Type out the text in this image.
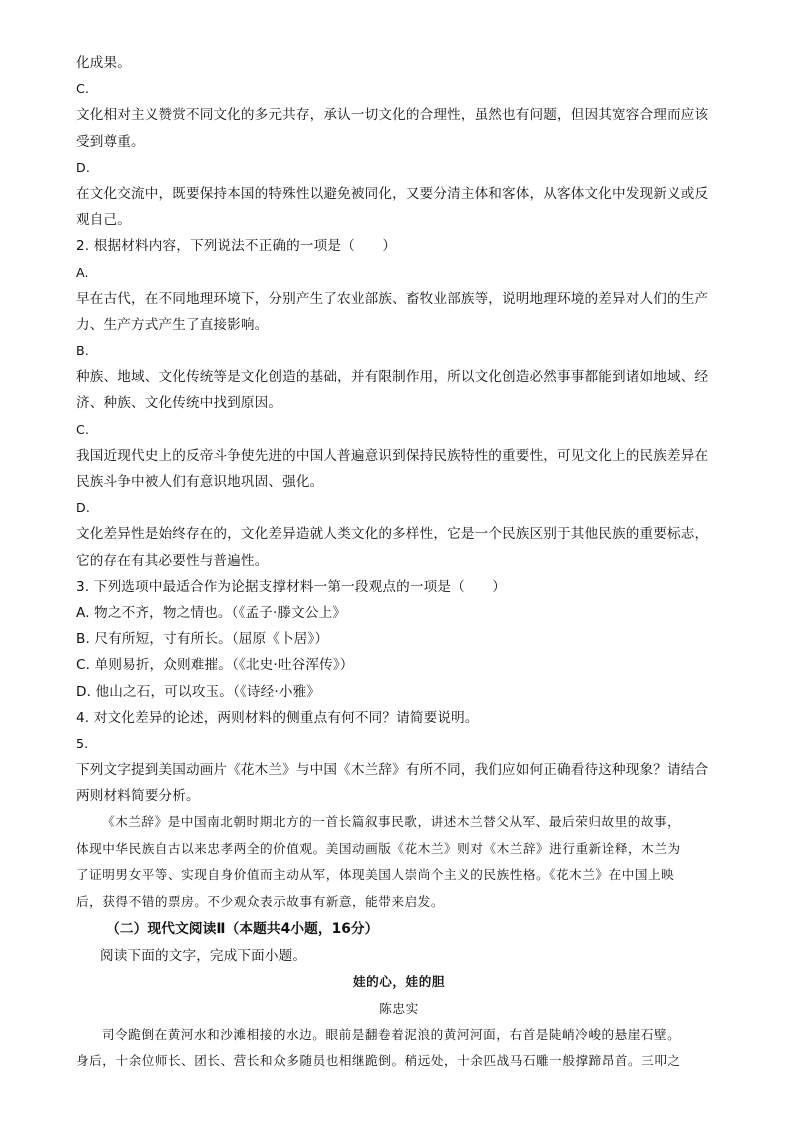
化成果。
C.
文化相对主义赞赏不同文化的多元共存，承认一切文化的合理性，虽然也有问题，但因其宽容合理而应该
受到尊重。
D.
在文化交流中，既要保持本国的特殊性以避免被同化，又要分清主体和客体，从客体文化中发现新义或反
观自己。
2. 根据材料内容，下列说法不正确的一项是（　　）
A.
早在古代，在不同地理环境下，分别产生了农业部族、畜牧业部族等，说明地理环境的差异对人们的生产
力、生产方式产生了直接影响。
B.
种族、地域、文化传统等是文化创造的基础，并有限制作用，所以文化创造必然事事都能到诸如地域、经
济、种族、文化传统中找到原因。
C.
我国近现代史上的反帝斗争使先进的中国人普遍意识到保持民族特性的重要性，可见文化上的民族差异在
民族斗争中被人们有意识地巩固、强化。
D.
文化差异性是始终存在的，文化差异造就人类文化的多样性，它是一个民族区别于其他民族的重要标志，
它的存在有其必要性与普遍性。
3. 下列选项中最适合作为论据支撑材料一第一段观点的一项是（　　）
A. 物之不齐，物之情也。（《孟子·滕文公上》
B. 尺有所短，寸有所长。（屈原《卜居》）
C. 单则易折，众则难摧。（《北史·吐谷浑传》）
D. 他山之石，可以攻玉。（《诗经·小雅》
4. 对文化差异的论述，两则材料的侧重点有何不同？请简要说明。
5.
下列文字提到美国动画片《花木兰》与中国《木兰辞》有所不同，我们应如何正确看待这种现象？请结合
两则材料简要分析。
《木兰辞》是中国南北朝时期北方的一首长篇叙事民歌，讲述木兰替父从军、最后荣归故里的故事，
体现中华民族自古以来忠孝两全的价值观。美国动画版《花木兰》则对《木兰辞》进行重新诠释，木兰为
了证明男女平等、实现自身价值而主动从军，体现美国人崇尚个主义的民族性格。《花木兰》在中国上映
后，获得不错的票房。不少观众表示故事有新意，能带来启发。
（二）现代文阅读Ⅱ（本题共4小题，16分）
阅读下面的文字，完成下面小题。
娃的心，娃的胆
陈忠实
司令跪倒在黄河水和沙滩相接的水边。眼前是翻卷着泥浪的黄河河面，右首是陡峭冷峻的悬崖石壁。
身后，十余位师长、团长、营长和众多随员也相继跪倒。稍远处，十余匹战马石雕一般撑蹄昂首。三叩之
